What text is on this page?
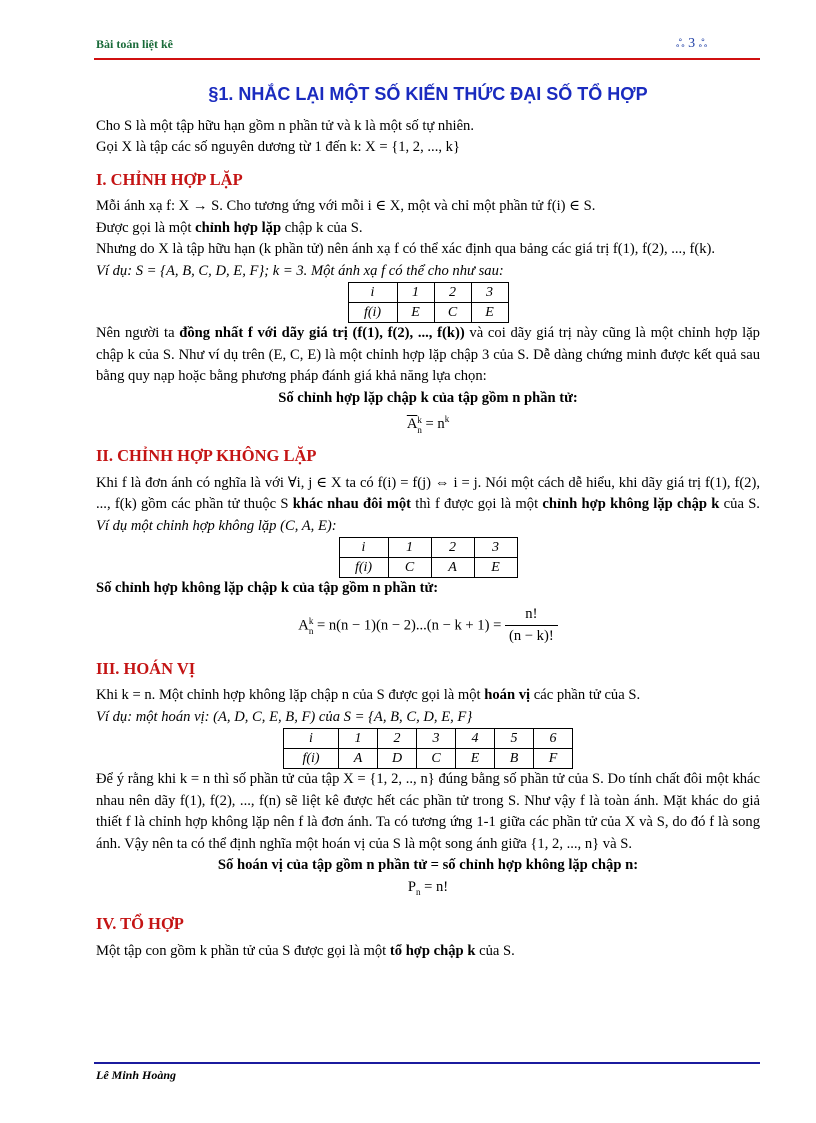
Bài toán liệt kê	ஃ 3 ஃ
§1. NHẮC LẠI MỘT SỐ KIẾN THỨC ĐẠI SỐ TỔ HỢP

Cho S là một tập hữu hạn gồm n phần tử và k là một số tự nhiên.

Gọi X là tập các số nguyên dương từ 1 đến k: X = {1, 2, ..., k}

I. CHỈNH HỢP LẶP

Mỗi ánh xạ f: X → S. Cho tương ứng với mỗi i ∈ X, một và chỉ một phần tử f(i) ∈ S.

Được gọi là một chỉnh hợp lặp chập k của S.

Nhưng do X là tập hữu hạn (k phần tử) nên ánh xạ f có thể xác định qua bảng các giá trị f(1), f(2), ..., f(k).

Ví dụ: S = {A, B, C, D, E, F}; k = 3. Một ánh xạ f có thể cho như sau:

i	1	2	3
f(i)	E	C	E

Nên người ta đồng nhất f với dãy giá trị (f(1), f(2), ..., f(k)) và coi dãy giá trị này cũng là một chỉnh hợp lặp chập k của S. Như ví dụ trên (E, C, E) là một chỉnh hợp lặp chập 3 của S. Dễ dàng chứng minh được kết quả sau bằng quy nạp hoặc bằng phương pháp đánh giá khả năng lựa chọn:

Số chỉnh hợp lặp chập k của tập gồm n phần tử:

$\overline{A}$ k
$n = n^k$

II. CHỈNH HỢP KHÔNG LẶP

Khi f là đơn ánh có nghĩa là với ∀i, j ∈ X ta có f(i) = f(j) ⇔ i = j. Nói một cách dễ hiểu, khi dãy giá trị f(1), f(2), ..., f(k) gồm các phần tử thuộc S khác nhau đôi một thì f được gọi là một chỉnh hợp không lặp chập k của S. Ví dụ một chỉnh hợp không lặp (C, A, E):

i	1	2	3
f(i)	C	A	E

Số chỉnh hợp không lặp chập k của tập gồm n phần tử:

A k
$n = n(n - 1)(n - 2)...(n - k + 1) = \frac{n!}{(n - k)!}$

III. HOÁN VỊ

Khi k = n. Một chỉnh hợp không lặp chập n của S được gọi là một hoán vị các phần tử của S.

Ví dụ: một hoán vị: (A, D, C, E, B, F) của S = {A, B, C, D, E, F}

i	1	2	3	4	5	6
f(i)	A	D	C	E	B	F

Để ý rằng khi k = n thì số phần tử của tập X = {1, 2, .., n} đúng bằng số phần tử của S. Do tính chất đôi một khác nhau nên dãy f(1), f(2), ..., f(n) sẽ liệt kê được hết các phần tử trong S. Như vậy f là toàn ánh. Mặt khác do giả thiết f là chỉnh hợp không lặp nên f là đơn ánh. Ta có tương ứng 1-1 giữa các phần tử của X và S, do đó f là song ánh. Vậy nên ta có thể định nghĩa một hoán vị của S là một song ánh giữa {1, 2, ..., n} và S.

Số hoán vị của tập gồm n phần tử = số chỉnh hợp không lặp chập n:

$P_n = n$!

IV. TỔ HỢP

Một tập con gồm k phần tử của S được gọi là một tổ hợp chập k của S.

Lê Minh Hoàng
